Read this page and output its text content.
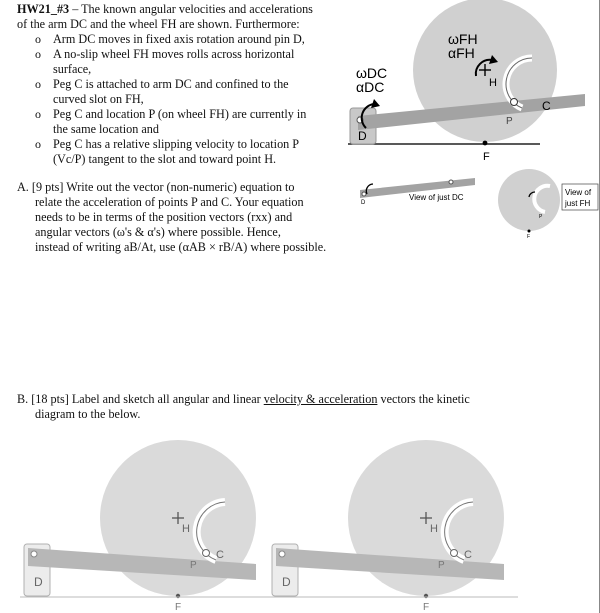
HW21_#3 – The known angular velocities and accelerations
of the arm DC and the wheel FH are shown. Furthermore:
o Arm DC moves in fixed axis rotation around pin D,
o A no-slip wheel FH moves rolls across horizontal
surface,
o Peg C is attached to arm DC and confined to the
curved slot on FH,
o Peg C and location P (on wheel FH) are currently in
the same location and
o Peg C has a relative slipping velocity to location P
(Vc/P) tangent to the slot and toward point H.
A. [9 pts] Write out the vector (non-numeric) equation to
relate the acceleration of points P and C. Your equation
needs to be in terms of the position vectors (rxx) and
angular vectors (ω's & α's) where possible. Hence,
instead of writing aB/At, use (αAB × rB/A) where possible.
B. [18 pts] Label and sketch all angular and linear velocity & acceleration vectors the kinetic
diagram to the below.
ωFH
αFH
ωDC
αDC
D
C
H
P
F
D
View of just DC
P
F
View of
just FH
D
C
H
P
F
D
C
H
P
F
